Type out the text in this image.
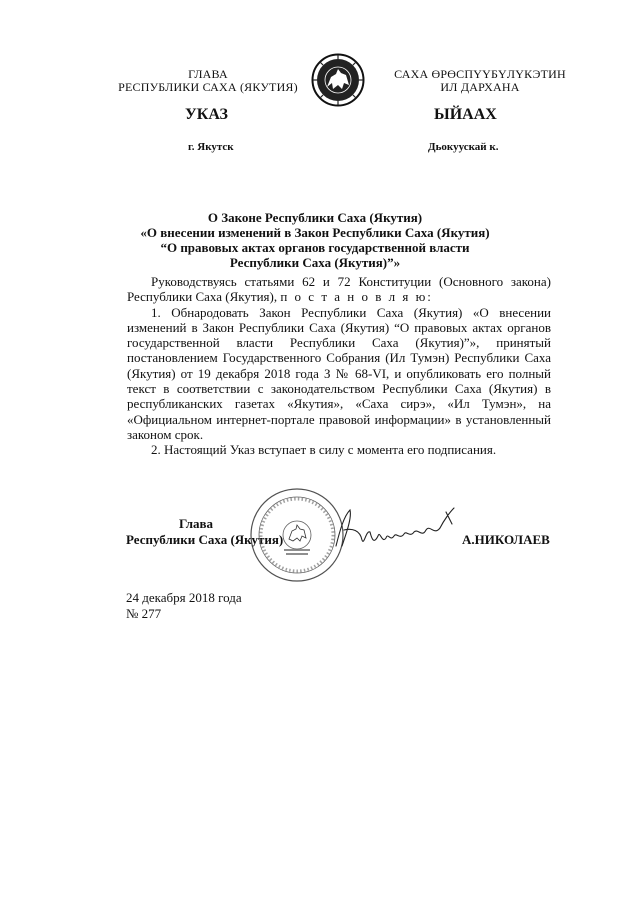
ГЛАВА
РЕСПУБЛИКИ САХА (ЯКУТИЯ)
САХА ӨРӨСПҮҮБҮЛҮКЭТИН
ИЛ ДАРХАНА
УКАЗ	ЫЙААХ
г. Якутск	Дьокуускай к.
О Законе Республики Саха (Якутия)
«О внесении изменений в Закон Республики Саха (Якутия)
“О правовых актах органов государственной власти
Республики Саха (Якутия)”»

Руководствуясь статьями 62 и 72 Конституции (Основного закона) Республики Саха (Якутия), п о с т а н о в л я ю:

1. Обнародовать Закон Республики Саха (Якутия) «О внесении изменений в Закон Республики Саха (Якутия) “О правовых актах органов государственной власти Республики Саха (Якутия)”», принятый постановлением Государственного Собрания (Ил Тумэн) Республики Саха (Якутия) от 19 декабря 2018 года З № 68-VI, и опубликовать его полный текст в соответствии с законодательством Республики Саха (Якутия) в республиканских газетах «Якутия», «Саха сирэ», «Ил Тумэн», на «Официальном интернет-портале правовой информации» в установленный законом срок.

2. Настоящий Указ вступает в силу с момента его подписания.

Глава
Республики Саха (Якутия)	А.НИКОЛАЕВ
24 декабря 2018 года
№ 277
